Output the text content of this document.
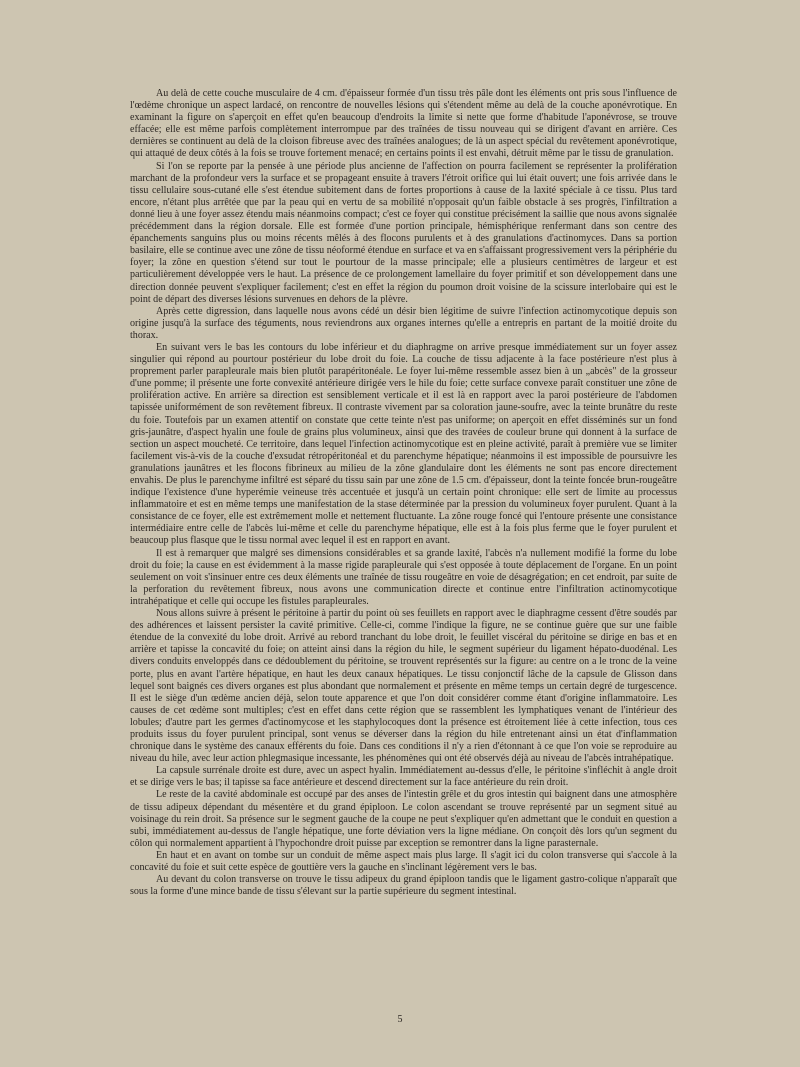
Au delà de cette couche musculaire de 4 cm. d'épaisseur formée d'un tissu très pâle dont les éléments ont pris sous l'influence de l'œdème chronique un aspect lardacé, on rencontre de nouvelles lésions qui s'étendent même au delà de la couche aponévrotique. En examinant la figure on s'aperçoit en effet qu'en beaucoup d'endroits la limite si nette que forme d'habitude l'aponévrose, se trouve effacée; elle est même parfois complètement interrompue par des traînées de tissu nouveau qui se dirigent d'avant en arrière. Ces dernières se continuent au delà de la cloison fibreuse avec des traînées analogues; de là un aspect spécial du revêtement aponévrotique, qui attaqué de deux côtés à la fois se trouve fortement menacé; en certains points il est envahi, détruit même par le tissu de granulation.

Si l'on se reporte par la pensée à une période plus ancienne de l'affection on pourra facilement se représenter la prolifération marchant de la profondeur vers la surface et se propageant ensuite à travers l'étroit orifice qui lui était ouvert; une fois arrivée dans le tissu cellulaire sous-cutané elle s'est étendue subitement dans de fortes proportions à cause de la laxité spéciale à ce tissu. Plus tard encore, n'étant plus arrêtée que par la peau qui en vertu de sa mobilité n'opposait qu'un faible obstacle à ses progrès, l'infiltration a donné lieu à une foyer assez étendu mais néanmoins compact; c'est ce foyer qui constitue précisément la saillie que nous avons signalée précédemment dans la région dorsale. Elle est formée d'une portion principale, hémisphérique renfermant dans son centre des épanchements sanguins plus ou moins récents mêlés à des flocons purulents et à des granulations d'actinomyces. Dans sa portion basilaire, elle se continue avec une zône de tissu néoformé étendue en surface et va en s'affaissant progressivement vers la périphérie du foyer; la zône en question s'étend sur tout le pourtour de la masse principale; elle a plusieurs centimètres de largeur et est particulièrement développée vers le haut. La présence de ce prolongement lamellaire du foyer primitif et son développement dans une direction donnée peuvent s'expliquer facilement; c'est en effet la région du poumon droit voisine de la scissure interlobaire qui est le point de départ des diverses lésions survenues en dehors de la plèvre.

Après cette digression, dans laquelle nous avons cédé un désir bien légitime de suivre l'infection actinomycotique depuis son origine jusqu'à la surface des téguments, nous reviendrons aux organes internes qu'elle a entrepris en partant de la moitié droite du thorax.

En suivant vers le bas les contours du lobe inférieur et du diaphragme on arrive presque immédiatement sur un foyer assez singulier qui répond au pourtour postérieur du lobe droit du foie. La couche de tissu adjacente à la face postérieure n'est plus à proprement parler parapleurale mais bien plutôt parapéritonéale. Le foyer lui-même ressemble assez bien à un „abcès" de la grosseur d'une pomme; il présente une forte convexité antérieure dirigée vers le hile du foie; cette surface convexe paraît constituer une zône de prolifération active. En arrière sa direction est sensiblement verticale et il est là en rapport avec la paroi postérieure de l'abdomen tapissée uniformément de son revêtement fibreux. Il contraste vivement par sa coloration jaune-soufre, avec la teinte brunâtre du reste du foie. Toutefois par un examen attentif on constate que cette teinte n'est pas uniforme; on aperçoit en effet disséminés sur un fond gris-jaunâtre, d'aspect hyalin une foule de grains plus volumineux, ainsi que des travées de couleur brune qui donnent à la surface de section un aspect moucheté. Ce territoire, dans lequel l'infection actinomycotique est en pleine activité, paraît à première vue se limiter facilement vis-à-vis de la couche d'exsudat rétropéritonéal et du parenchyme hépatique; néanmoins il est impossible de poursuivre les granulations jaunâtres et les flocons fibrineux au milieu de la zône glandulaire dont les éléments ne sont pas encore directement envahis. De plus le parenchyme infiltré est séparé du tissu sain par une zône de 1.5 cm. d'épaisseur, dont la teinte foncée brun-rougeâtre indique l'existence d'une hyperémie veineuse très accentuée et jusqu'à un certain point chronique: elle sert de limite au processus inflammatoire et est en même temps une manifestation de la stase déterminée par la pression du volumineux foyer purulent. Quant à la consistance de ce foyer, elle est extrêmement molle et nettement fluctuante. La zône rouge foncé qui l'entoure présente une consistance intermédiaire entre celle de l'abcès lui-même et celle du parenchyme hépatique, elle est à la fois plus ferme que le foyer purulent et beaucoup plus flasque que le tissu normal avec lequel il est en rapport en avant.

Il est à remarquer que malgré ses dimensions considérables et sa grande laxité, l'abcès n'a nullement modifié la forme du lobe droit du foie; la cause en est évidemment à la masse rigide parapleurale qui s'est opposée à toute déplacement de l'organe. En un point seulement on voit s'insinuer entre ces deux éléments une traînée de tissu rougeâtre en voie de désagrégation; en cet endroit, par suite de la perforation du revêtement fibreux, nous avons une communication directe et continue entre l'infiltration actinomycotique intrahépatique et celle qui occupe les fistules parapleurales.

Nous allons suivre à présent le péritoine à partir du point où ses feuillets en rapport avec le diaphragme cessent d'être soudés par des adhérences et laissent persister la cavité primitive. Celle-ci, comme l'indique la figure, ne se continue guère que sur une faible étendue de la convexité du lobe droit. Arrivé au rebord tranchant du lobe droit, le feuillet viscéral du péritoine se dirige en bas et en arrière et tapisse la concavité du foie; on atteint ainsi dans la région du hile, le segment supérieur du ligament hépato-duodénal. Les divers conduits enveloppés dans ce dédoublement du péritoine, se trouvent représentés sur la figure: au centre on a le tronc de la veine porte, plus en avant l'artère hépatique, en haut les deux canaux hépatiques. Le tissu conjonctif lâche de la capsule de Glisson dans lequel sont baignés ces divers organes est plus abondant que normalement et présente en même temps un certain degré de turgescence. Il est le siège d'un œdème ancien déjà, selon toute apparence et que l'on doit considérer comme étant d'origine inflammatoire. Les causes de cet œdème sont multiples; c'est en effet dans cette région que se rassemblent les lymphatiques venant de l'intérieur des lobules; d'autre part les germes d'actinomycose et les staphylocoques dont la présence est étroitement liée à cette infection, tous ces produits issus du foyer purulent principal, sont venus se déverser dans la région du hile entretenant ainsi un état d'inflammation chronique dans le système des canaux efférents du foie. Dans ces conditions il n'y a rien d'étonnant à ce que l'on voie se reproduire au niveau du hile, avec leur action phlegmasique incessante, les phénomènes qui ont été observés déjà au niveau de l'abcès intrahépatique.

La capsule surrénale droite est dure, avec un aspect hyalin. Immédiatement au-dessus d'elle, le péritoine s'infléchit à angle droit et se dirige vers le bas; il tapisse sa face antérieure et descend directement sur la face antérieure du rein droit.

Le reste de la cavité abdominale est occupé par des anses de l'intestin grêle et du gros intestin qui baignent dans une atmosphère de tissu adipeux dépendant du mésentère et du grand épiploon. Le colon ascendant se trouve représenté par un segment situé au voisinage du rein droit. Sa présence sur le segment gauche de la coupe ne peut s'expliquer qu'en admettant que le conduit en question a subi, immédiatement au-dessus de l'angle hépatique, une forte déviation vers la ligne médiane. On conçoit dès lors qu'un segment du côlon qui normalement appartient à l'hypochondre droit puisse par exception se remontrer dans la ligne parasternale.

En haut et en avant on tombe sur un conduit de même aspect mais plus large. Il s'agit ici du colon transverse qui s'accole à la concavité du foie et suit cette espèce de gouttière vers la gauche en s'inclinant légèrement vers le bas.

Au devant du colon transverse on trouve le tissu adipeux du grand épiploon tandis que le ligament gastro-colique n'apparaît que sous la forme d'une mince bande de tissu s'élevant sur la partie supérieure du segment intestinal.

5
